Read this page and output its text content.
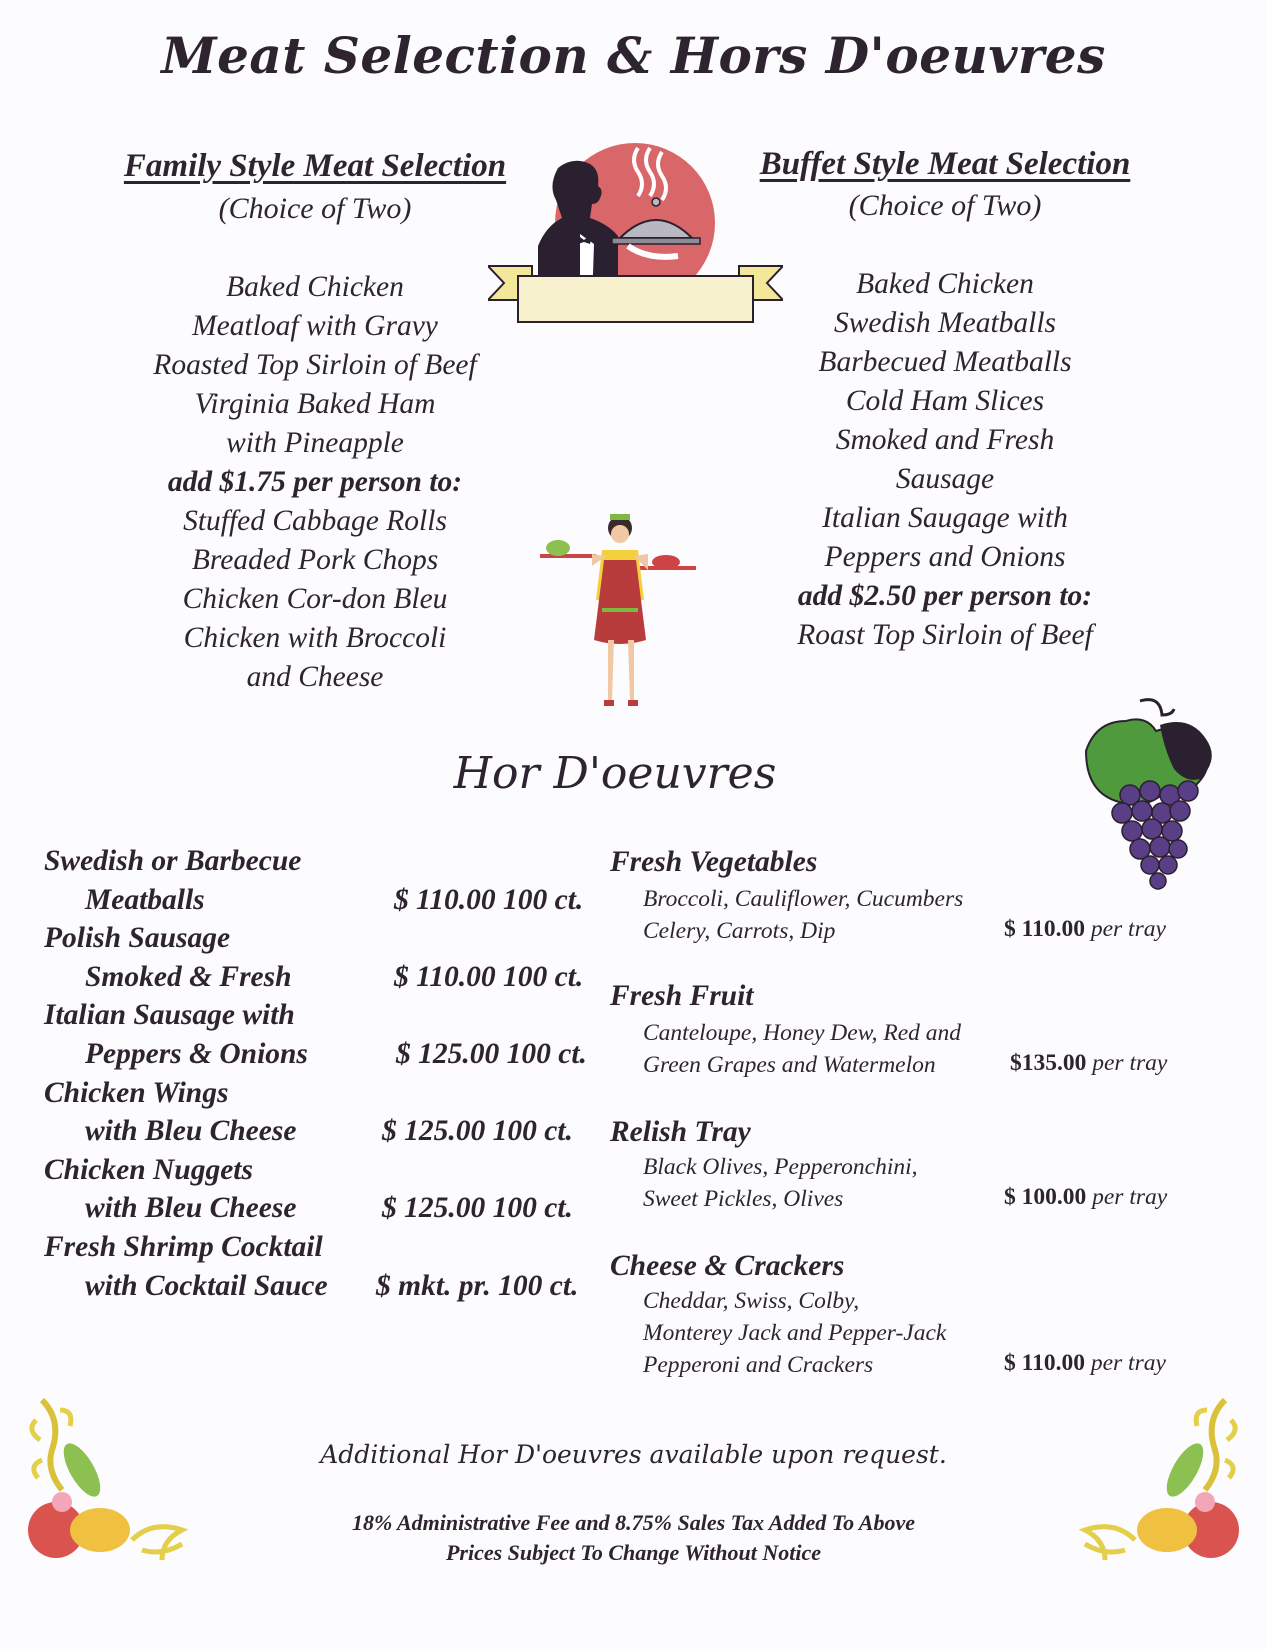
Meat Selection & Hors D'oeuvres
Family Style Meat Selection
(Choice of Two)
Baked Chicken
Meatloaf with Gravy
Roasted Top Sirloin of Beef
Virginia Baked Ham
with Pineapple
add $1.75 per person to:
Stuffed Cabbage Rolls
Breaded Pork Chops
Chicken Cor-don Bleu
Chicken with Broccoli
and Cheese
Buffet Style Meat Selection
(Choice of Two)
Baked Chicken
Swedish Meatballs
Barbecued Meatballs
Cold Ham Slices
Smoked and Fresh
Sausage
Italian Saugage with
Peppers and Onions
add $2.50 per person to:
Roast Top Sirloin of Beef
Hor D'oeuvres
Swedish or Barbecue
Meatballs	$ 110.00 100 ct.
Polish Sausage
Smoked & Fresh	$ 110.00 100 ct.
Italian Sausage with
Peppers & Onions	$ 125.00 100 ct.
Chicken Wings
with Bleu Cheese	$ 125.00 100 ct.
Chicken Nuggets
with Bleu Cheese	$ 125.00 100 ct.
Fresh Shrimp Cocktail
with Cocktail Sauce $ mkt. pr. 100 ct.
Fresh Vegetables
Broccoli, Cauliflower, Cucumbers
Celery, Carrots, Dip	$ 110.00 per tray
Fresh Fruit
Canteloupe, Honey Dew, Red and
Green Grapes and Watermelon	$135.00 per tray
Relish Tray
Black Olives, Pepperonchini,
Sweet Pickles, Olives	$ 100.00 per tray
Cheese & Crackers
Cheddar, Swiss, Colby,
Monterey Jack and Pepper-Jack
Pepperoni and Crackers	$ 110.00 per tray
Additional Hor D'oeuvres available upon request.
18% Administrative Fee and 8.75% Sales Tax Added To Above
Prices Subject To Change Without Notice
